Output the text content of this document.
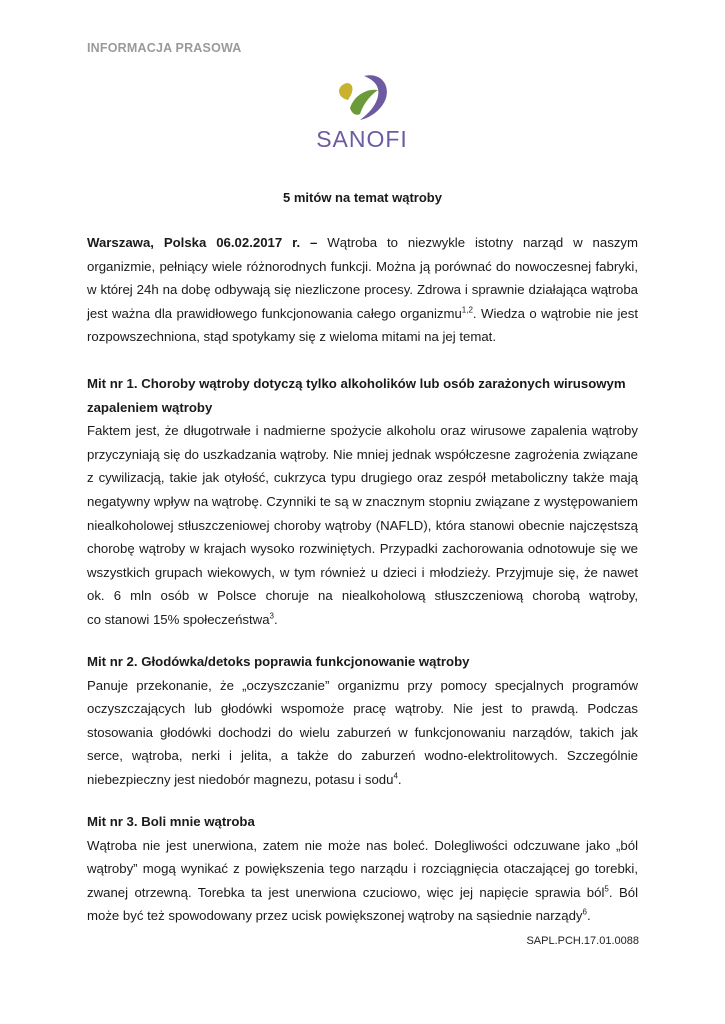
INFORMACJA PRASOWA
SANOFI
5 mitów na temat wątroby
Warszawa, Polska 06.02.2017 r. – Wątroba to niezwykle istotny narząd w naszym
organizmie, pełniący wiele różnorodnych funkcji. Można ją porównać do nowoczesnej fabryki,
w której 24h na dobę odbywają się niezliczone procesy. Zdrowa i sprawnie działająca wątroba
jest ważna dla prawidłowego funkcjonowania całego organizmu$^{1,2}$. Wiedza o wątrobie nie jest
rozpowszechniona, stąd spotykamy się z wieloma mitami na jej temat.
Mit nr 1. Choroby wątroby dotyczą tylko alkoholików lub osób zarażonych wirusowym
zapaleniem wątroby
Faktem jest, że długotrwałe i nadmierne spożycie alkoholu oraz wirusowe zapalenia wątroby
przyczyniają się do uszkadzania wątroby. Nie mniej jednak współczesne zagrożenia związane
z cywilizacją, takie jak otyłość, cukrzyca typu drugiego oraz zespół metaboliczny także mają
negatywny wpływ na wątrobę. Czynniki te są w znacznym stopniu związane z występowaniem
niealkoholowej stłuszczeniowej choroby wątroby (NAFLD), która stanowi obecnie najczęstszą
chorobę wątroby w krajach wysoko rozwiniętych. Przypadki zachorowania odnotowuje się we
wszystkich grupach wiekowych, w tym również u dzieci i młodzieży. Przyjmuje się, że nawet
ok. 6 mln osób w Polsce choruje na niealkoholową stłuszczeniową chorobą wątroby,
co stanowi 15% społeczeństwa$^3$.
Mit nr 2. Głodówka/detoks poprawia funkcjonowanie wątroby
Panuje przekonanie, że „oczyszczanie” organizmu przy pomocy specjalnych programów
oczyszczających lub głodówki wspomoże pracę wątroby. Nie jest to prawdą. Podczas
stosowania głodówki dochodzi do wielu zaburzeń w funkcjonowaniu narządów, takich jak
serce, wątroba, nerki i jelita, a także do zaburzeń wodno-elektrolitowych. Szczególnie
niebezpieczny jest niedobór magnezu, potasu i sodu$^4$.
Mit nr 3. Boli mnie wątroba
Wątroba nie jest unerwiona, zatem nie może nas boleć. Dolegliwości odczuwane jako „ból
wątroby” mogą wynikać z powiększenia tego narządu i rozciągnięcia otaczającej go torebki,
zwanej otrzewną. Torebka ta jest unerwiona czuciowo, więc jej napięcie sprawia ból$^5$. Ból
może być też spowodowany przez ucisk powiększonej wątroby na sąsiednie narządy$^6$.
SAPL.PCH.17.01.0088
